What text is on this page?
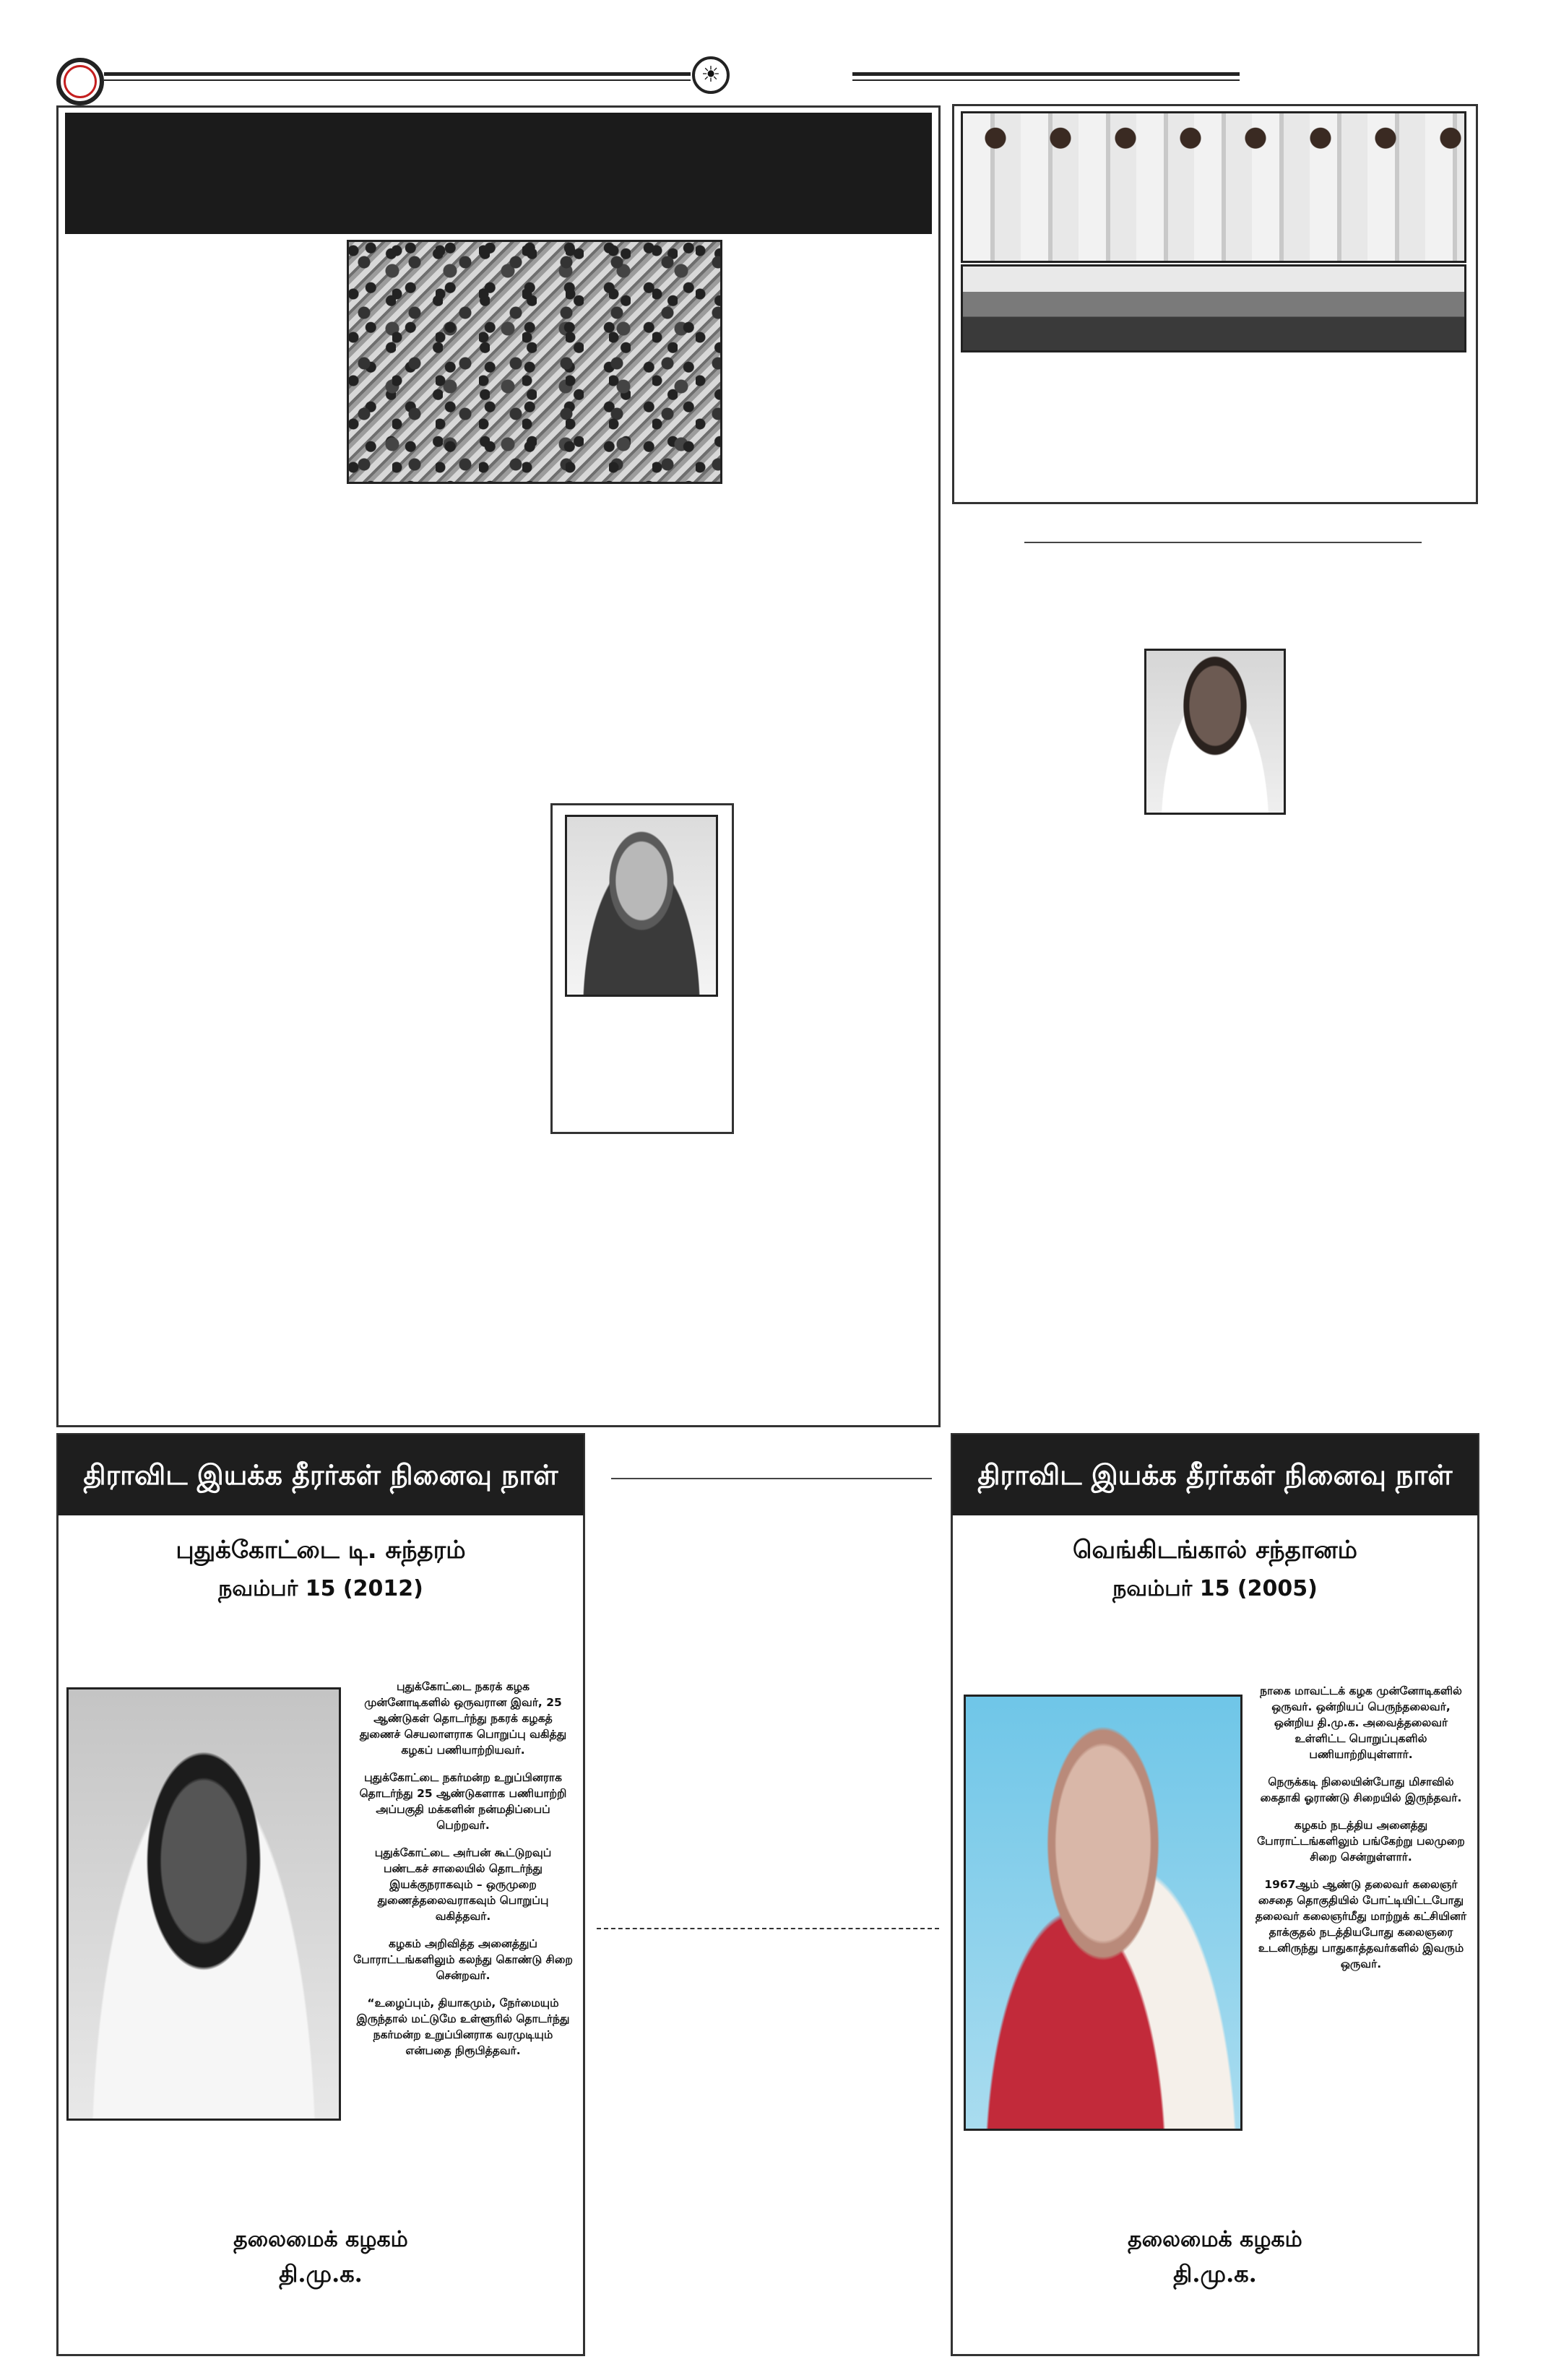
☀
திராவிட இயக்க தீரர்கள் நினைவு நாள்
புதுக்கோட்டை டி. சுந்தரம்
நவம்பர் 15 (2012)

புதுக்கோட்டை நகரக் கழக முன்னோடிகளில் ஒருவரான இவர், 25 ஆண்டுகள் தொடர்ந்து நகரக் கழகத் துணைச் செயலாளராக பொறுப்பு வகித்து கழகப் பணியாற்றியவர்.

புதுக்கோட்டை நகர்மன்ற உறுப்பினராக தொடர்ந்து 25 ஆண்டுகளாக பணியாற்றி அப்பகுதி மக்களின் நன்மதிப்பைப் பெற்றவர்.

புதுக்கோட்டை அர்பன் கூட்டுறவுப் பண்டகச் சாலையில் தொடர்ந்து இயக்குநராகவும் – ஒருமுறை துணைத்தலைவராகவும் பொறுப்பு வகித்தவர்.

கழகம் அறிவித்த அனைத்துப் போராட்டங்களிலும் கலந்து கொண்டு சிறை சென்றவர்.

“உழைப்பும், தியாகமும், நேர்மையும் இருந்தால் மட்டுமே உள்ளூரில் தொடர்ந்து நகர்மன்ற உறுப்பினராக வரமுடியும் என்பதை நிரூபித்தவர்.

தலைமைக் கழகம்
தி.மு.க.
திராவிட இயக்க தீரர்கள் நினைவு நாள்
வெங்கிடங்கால் சந்தானம்
நவம்பர் 15 (2005)

நாகை மாவட்டக் கழக முன்னோடிகளில் ஒருவர். ஒன்றியப் பெருந்தலைவர், ஒன்றிய தி.மு.க. அவைத்தலைவர் உள்ளிட்ட பொறுப்புகளில் பணியாற்றியுள்ளார்.

நெருக்கடி நிலையின்போது மிசாவில் கைதாகி ஓராண்டு சிறையில் இருந்தவர்.

கழகம் நடத்திய அனைத்து போராட்டங்களிலும் பங்கேற்று பலமுறை சிறை சென்றுள்ளார்.

1967ஆம் ஆண்டு தலைவர் கலைஞர் சைதை தொகுதியில் போட்டியிட்டபோது தலைவர் கலைஞர்மீது மாற்றுக் கட்சியினர் தாக்குதல் நடத்தியபோது கலைஞரை உடனிருந்து பாதுகாத்தவர்களில் இவரும் ஒருவர்.

தலைமைக் கழகம்
தி.மு.க.
